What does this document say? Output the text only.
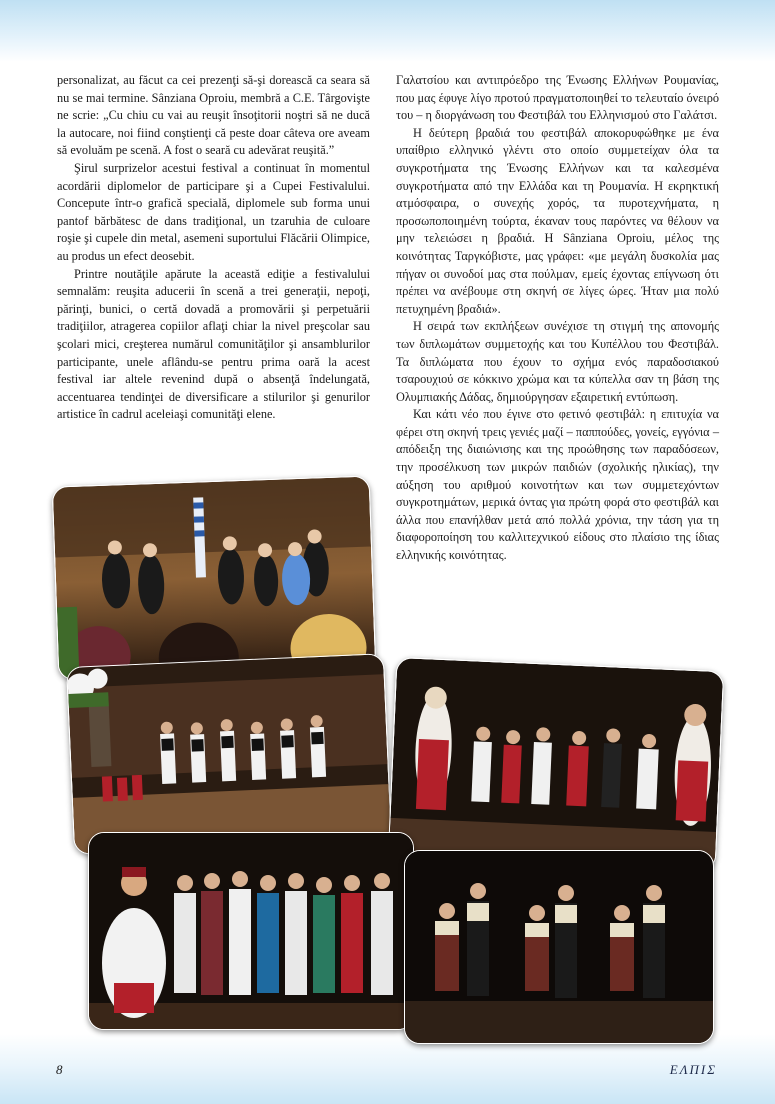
personalizat, au făcut ca cei prezenţi să-şi dorească ca seara să nu se mai termine. Sânziana Oproiu, membră a C.E. Târgovişte ne scrie: „Cu chiu cu vai au reuşit însoţitorii noştri să ne ducă la autocare, noi fiind conştienţi că peste doar câteva ore aveam să evoluăm pe scenă. A fost o seară cu adevărat reuşită.”

Şirul surprizelor acestui festival a continuat în momentul acordării diplomelor de participare şi a Cupei Festivalului. Concepute într-o grafică specială, diplomele sub forma unui pantof bărbătesc de dans tradiţional, un tzaruhia de culoare roşie şi cupele din metal, asemeni suportului Flăcării Olimpice, au produs un efect deosebit.

Printre noutăţile apărute la această ediţie a festivalului semnalăm: reuşita aducerii în scenă a trei generaţii, nepoţi, părinţi, bunici, o certă dovadă a promovării şi perpetuării tradiţiilor, atragerea copiilor aflaţi chiar la nivel preşcolar sau şcolari mici, creşterea numărul comunităţilor şi ansamblurilor participante, unele aflându-se pentru prima oară la acest festival iar altele revenind după o absenţă îndelungată, accentuarea tendinţei de diversificare a stilurilor şi genurilor artistice în cadrul aceleiaşi comunităţi elene.

Γαλατσίου και αντιπρόεδρο της Ένωσης Ελλήνων Ρουμανίας, που μας έφυγε λίγο προτού πραγματοποιηθεί το τελευταίο όνειρό του – η διοργάνωση του Φεστιβάλ του Ελληνισμού στο Γαλάτσι.

Η δεύτερη βραδιά του φεστιβάλ αποκορυφώθηκε με ένα υπαίθριο ελληνικό γλέντι στο οποίο συμμετείχαν όλα τα συγκροτήματα της Ένωσης Ελλήνων και τα καλεσμένα συγκροτήματα από την Ελλάδα και τη Ρουμανία. Η εκρηκτική ατμόσφαιρα, ο συνεχής χορός, τα πυροτεχνήματα, η προσωποποιημένη τούρτα, έκαναν τους παρόντες να θέλουν να μην τελειώσει η βραδιά. Η Sânziana Oproiu, μέλος της κοινότητας Ταργκόβιστε, μας γράφει: «με μεγάλη δυσκολία μας πήγαν οι συνοδοί μας στα πούλμαν, εμείς έχοντας επίγνωση ότι πρέπει να ανέβουμε στη σκηνή σε λίγες ώρες. Ήταν μια πολύ πετυχημένη βραδιά».

Η σειρά των εκπλήξεων συνέχισε τη στιγμή της απονομής των διπλωμάτων συμμετοχής και του Κυπέλλου του Φεστιβάλ. Τα διπλώματα που έχουν το σχήμα ενός παραδοσιακού τσαρουχιού σε κόκκινο χρώμα και τα κύπελλα σαν τη βάση της Ολυμπιακής Δάδας, δημιούργησαν εξαιρετική εντύπωση.

Και κάτι νέο που έγινε στο φετινό φεστιβάλ: η επιτυχία να φέρει στη σκηνή τρεις γενιές μαζί – παππούδες, γονείς, εγγόνια – απόδειξη της διαιώνισης και της προώθησης των παραδόσεων, την προσέλκυση των μικρών παιδιών (σχολικής ηλικίας), την αύξηση του αριθμού κοινοτήτων και των συμμετεχόντων συγκροτημάτων, μερικά όντας για πρώτη φορά στο φεστιβάλ και άλλα που επανήλθαν μετά από πολλά χρόνια, την τάση για τη διαφοροποίηση του καλλιτεχνικού είδους στο πλαίσιο της ίδιας ελληνικής κοινότητας.

8	ΕΛΠΙΣ
